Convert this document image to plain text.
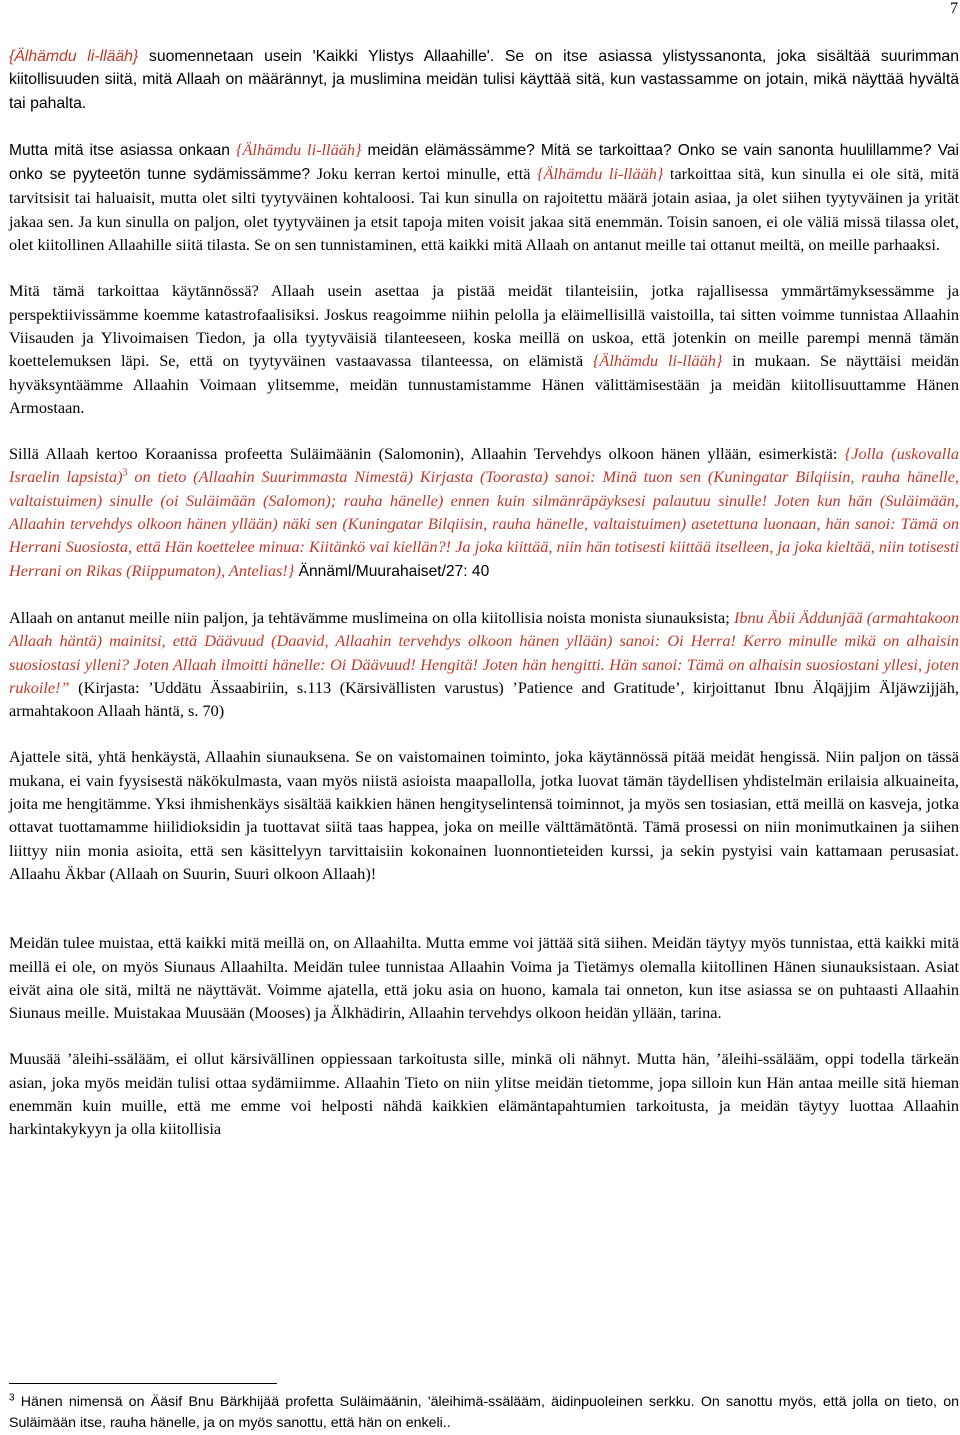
7

{Älhämdu li-llääh} suomennetaan usein 'Kaikki Ylistys Allaahille'. Se on itse asiassa ylistyssanonta, joka sisältää suurimman kiitollisuuden siitä, mitä Allaah on määrännyt, ja muslimina meidän tulisi käyttää sitä, kun vastassamme on jotain, mikä näyttää hyvältä tai pahalta.

Mutta mitä itse asiassa onkaan {Älhämdu li-llääh} meidän elämässämme? Mitä se tarkoittaa? Onko se vain sanonta huulillamme? Vai onko se pyyteetön tunne sydämissämme? Joku kerran kertoi minulle, että {Älhämdu li-llääh} tarkoittaa sitä, kun sinulla ei ole sitä, mitä tarvitsisit tai haluaisit, mutta olet silti tyytyväinen kohtaloosi. Tai kun sinulla on rajoitettu määrä jotain asiaa, ja olet siihen tyytyväinen ja yrität jakaa sen. Ja kun sinulla on paljon, olet tyytyväinen ja etsit tapoja miten voisit jakaa sitä enemmän. Toisin sanoen, ei ole väliä missä tilassa olet, olet kiitollinen Allaahille siitä tilasta. Se on sen tunnistaminen, että kaikki mitä Allaah on antanut meille tai ottanut meiltä, on meille parhaaksi.

Mitä tämä tarkoittaa käytännössä? Allaah usein asettaa ja pistää meidät tilanteisiin, jotka rajallisessa ymmärtämyksessämme ja perspektiivissämme koemme katastrofaalisiksi. Joskus reagoimme niihin pelolla ja eläimellisillä vaistoilla, tai sitten voimme tunnistaa Allaahin Viisauden ja Ylivoimaisen Tiedon, ja olla tyytyväisiä tilanteeseen, koska meillä on uskoa, että jotenkin on meille parempi mennä tämän koettelemuksen läpi. Se, että on tyytyväinen vastaavassa tilanteessa, on elämistä {Älhämdu li-llääh} in mukaan. Se näyttäisi meidän hyväksyntäämme Allaahin Voimaan ylitsemme, meidän tunnustamistamme Hänen välittämisestään ja meidän kiitollisuuttamme Hänen Armostaan.

Sillä Allaah kertoo Koraanissa profeetta Suläimäänin (Salomonin), Allaahin Tervehdys olkoon hänen yllään, esimerkistä: {Jolla (uskovalla Israelin lapsista)$^3$ on tieto (Allaahin Suurimmasta Nimestä) Kirjasta (Toorasta) sanoi: Minä tuon sen (Kuningatar Bilqiisin, rauha hänelle, valtaistuimen) sinulle (oi Suläimään (Salomon); rauha hänelle) ennen kuin silmänräpäyksesi palautuu sinulle! Joten kun hän (Suläimään, Allaahin tervehdys olkoon hänen yllään) näki sen (Kuningatar Bilqiisin, rauha hänelle, valtaistuimen) asetettuna luonaan, hän sanoi: Tämä on Herrani Suosiosta, että Hän koettelee minua: Kiitänkö vai kiellän?! Ja joka kiittää, niin hän totisesti kiittää itselleen, ja joka kieltää, niin totisesti Herrani on Rikas (Riippumaton), Antelias!} Ännäml/Muurahaiset/27: 40

Allaah on antanut meille niin paljon, ja tehtävämme muslimeina on olla kiitollisia noista monista siunauksista; Ibnu Äbii Äddunjää (armahtakoon Allaah häntä) mainitsi, että Däävuud (Daavid, Allaahin tervehdys olkoon hänen yllään) sanoi: Oi Herra! Kerro minulle mikä on alhaisin suosiostasi ylleni? Joten Allaah ilmoitti hänelle: Oi Däävuud! Hengitä! Joten hän hengitti. Hän sanoi: Tämä on alhaisin suosiostani yllesi, joten rukoile!” (Kirjasta: ’Uddätu Ässaabiriin, s.113 (Kärsivällisten varustus) ’Patience and Gratitude’, kirjoittanut Ibnu Älqäjjim Äljäwzijjäh, armahtakoon Allaah häntä, s. 70)

Ajattele sitä, yhtä henkäystä, Allaahin siunauksena. Se on vaistomainen toiminto, joka käytännössä pitää meidät hengissä. Niin paljon on tässä mukana, ei vain fyysisestä näkökulmasta, vaan myös niistä asioista maapallolla, jotka luovat tämän täydellisen yhdistelmän erilaisia alkuaineita, joita me hengitämme. Yksi ihmishenkäys sisältää kaikkien hänen hengityselintensä toiminnot, ja myös sen tosiasian, että meillä on kasveja, jotka ottavat tuottamamme hiilidioksidin ja tuottavat siitä taas happea, joka on meille välttämätöntä. Tämä prosessi on niin monimutkainen ja siihen liittyy niin monia asioita, että sen käsittelyyn tarvittaisiin kokonainen luonnontieteiden kurssi, ja sekin pystyisi vain kattamaan perusasiat. Allaahu Äkbar (Allaah on Suurin, Suuri olkoon Allaah)!

Meidän tulee muistaa, että kaikki mitä meillä on, on Allaahilta. Mutta emme voi jättää sitä siihen. Meidän täytyy myös tunnistaa, että kaikki mitä meillä ei ole, on myös Siunaus Allaahilta. Meidän tulee tunnistaa Allaahin Voima ja Tietämys olemalla kiitollinen Hänen siunauksistaan. Asiat eivät aina ole sitä, miltä ne näyttävät. Voimme ajatella, että joku asia on huono, kamala tai onneton, kun itse asiassa se on puhtaasti Allaahin Siunaus meille. Muistakaa Muusään (Mooses) ja Älkhädirin, Allaahin tervehdys olkoon heidän yllään, tarina.

Muusää ’äleihi-ssälääm, ei ollut kärsivällinen oppiessaan tarkoitusta sille, minkä oli nähnyt. Mutta hän, ’äleihi-ssälääm, oppi todella tärkeän asian, joka myös meidän tulisi ottaa sydämiimme. Allaahin Tieto on niin ylitse meidän tietomme, jopa silloin kun Hän antaa meille sitä hieman enemmän kuin muille, että me emme voi helposti nähdä kaikkien elämäntapahtumien tarkoitusta, ja meidän täytyy luottaa Allaahin harkintakykyyn ja olla kiitollisia

$^3$ Hänen nimensä on Ääsif Bnu Bärkhijää profetta Suläimäänin, 'äleihimä-ssälääm, äidinpuoleinen serkku. On sanottu myös, että jolla on tieto, on Suläimään itse, rauha hänelle, ja on myös sanottu, että hän on enkeli..
